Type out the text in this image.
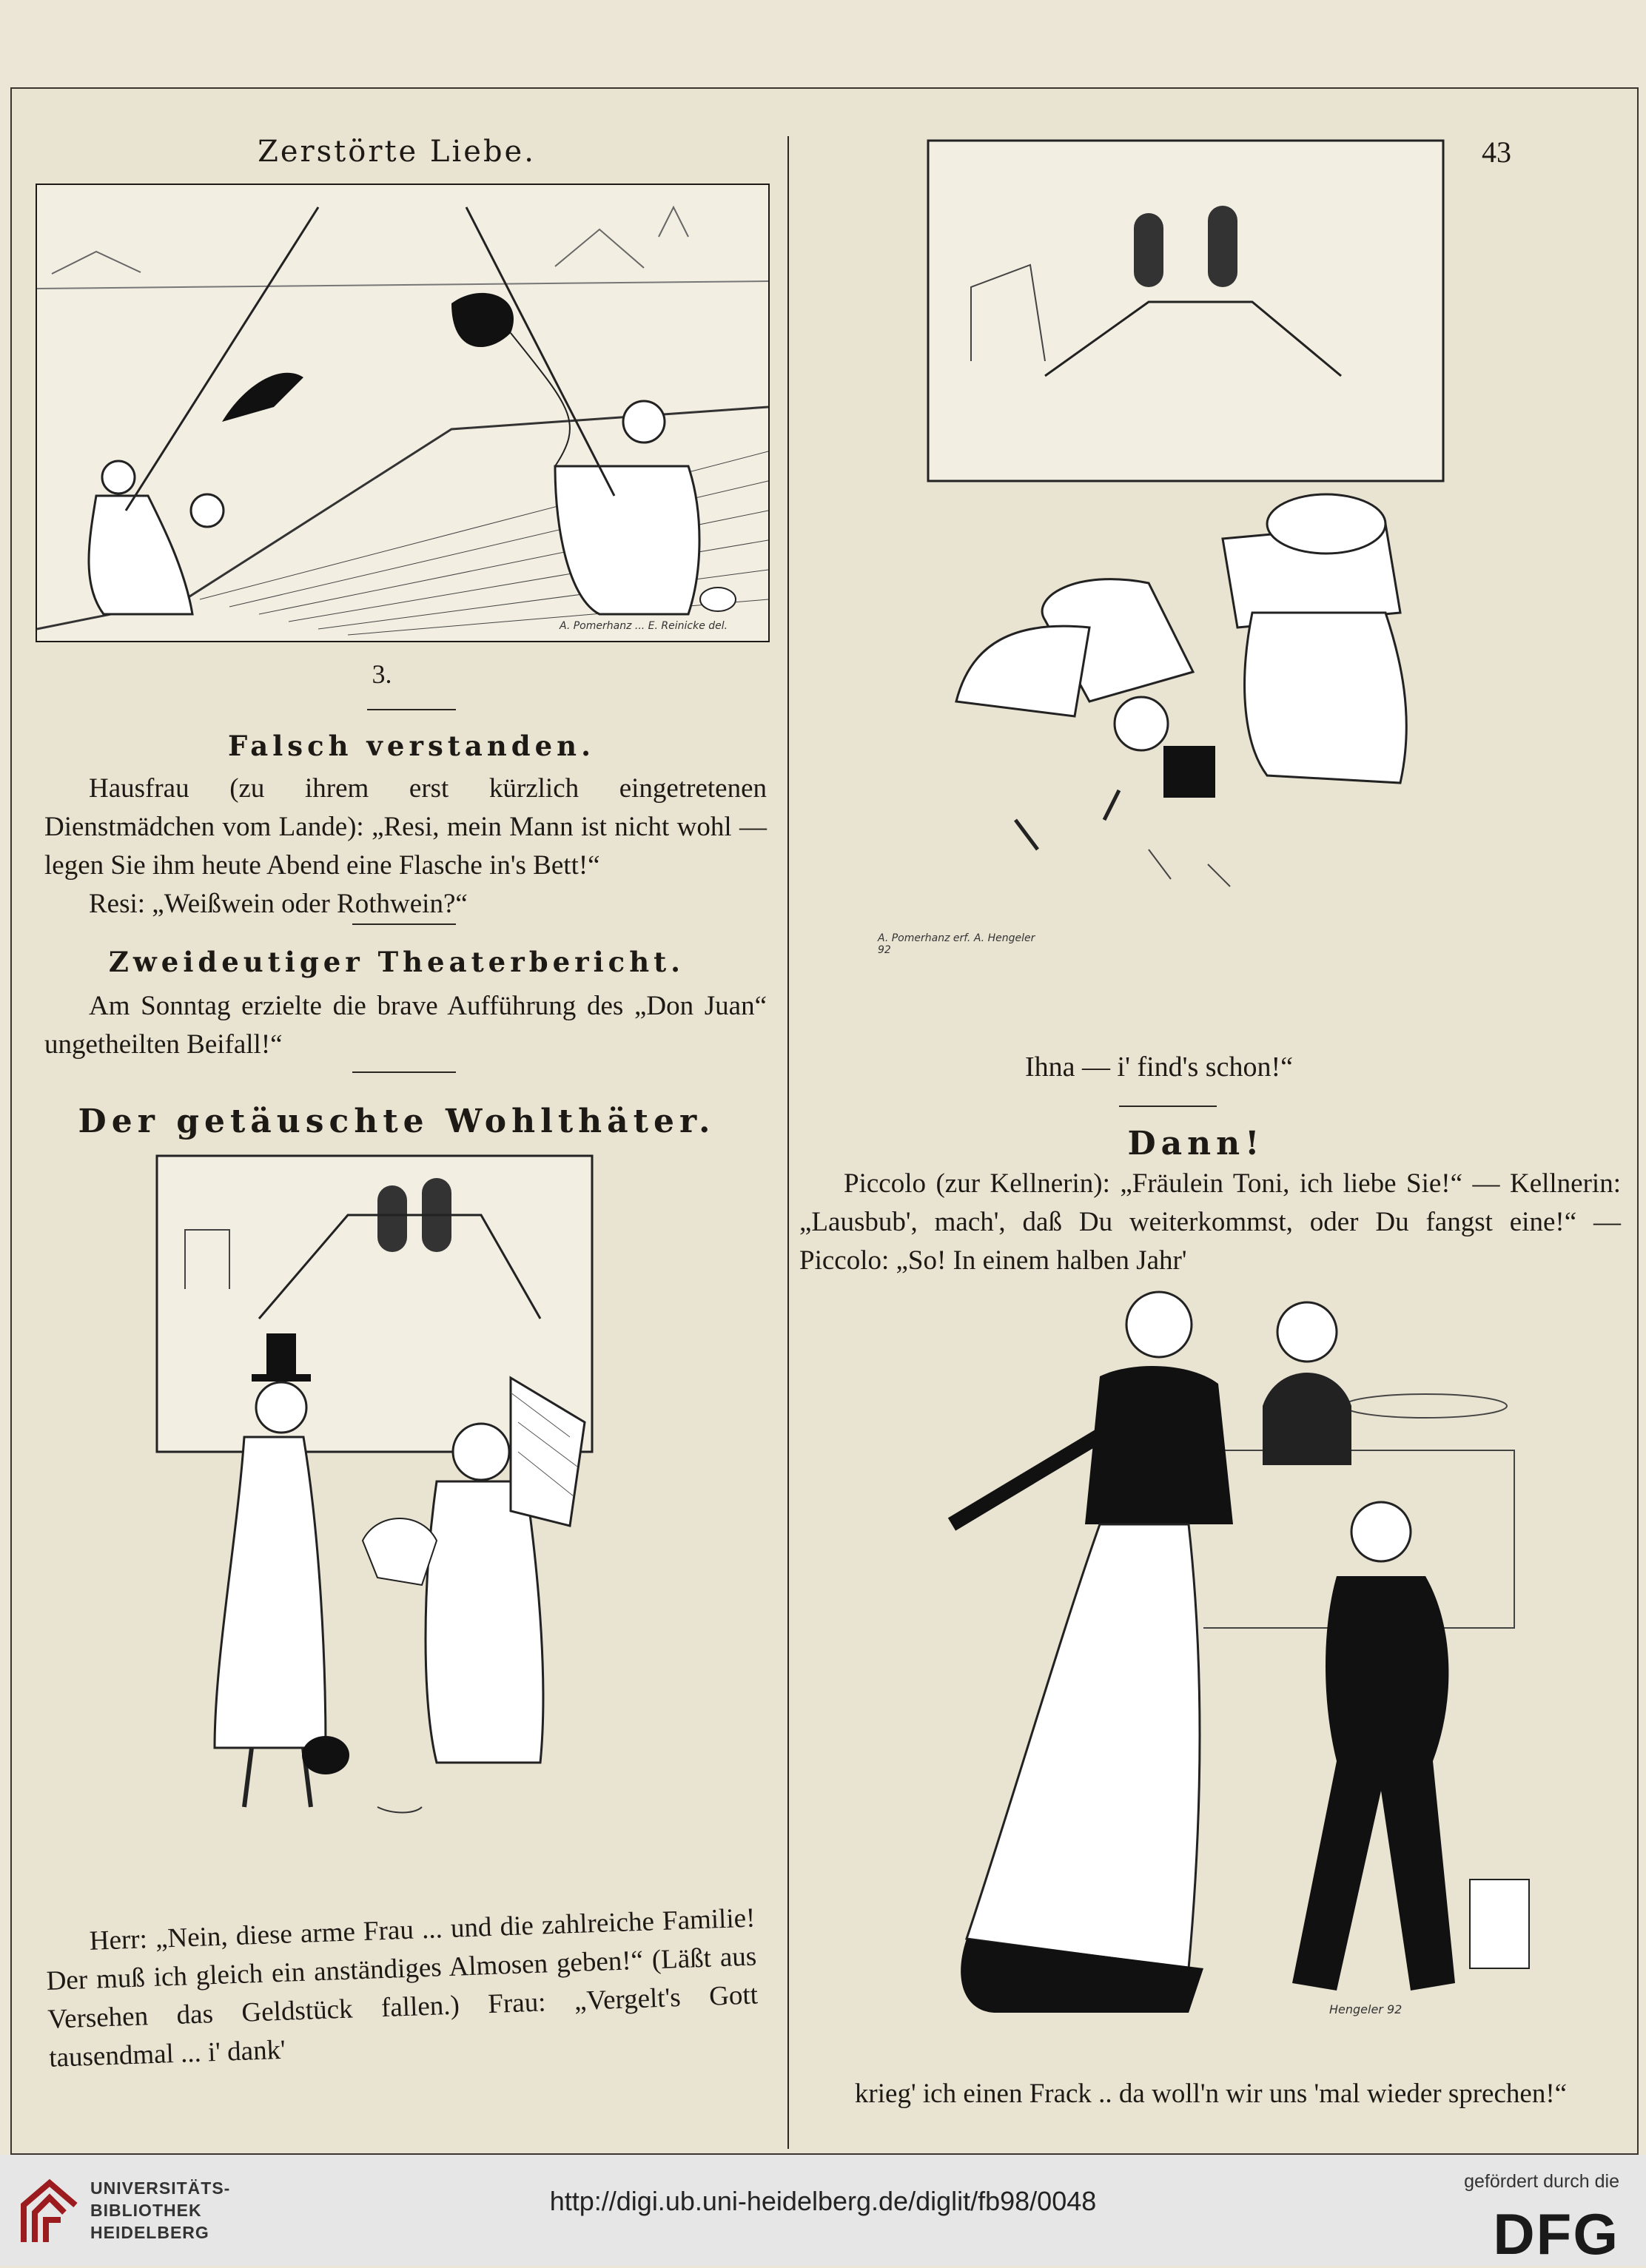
Zerstörte Liebe.
A. Pomerhanz ... E. Reinicke del.
3.
Falsch verstanden.

Hausfrau (zu ihrem erst kürzlich eingetretenen Dienstmädchen vom Lande): „Resi, mein Mann ist nicht wohl — legen Sie ihm heute Abend eine Flasche in's Bett!“

Resi: „Weißwein oder Rothwein?“

Zweideutiger Theaterbericht.

Am Sonntag erzielte die brave Aufführung des „Don Juan“ ungetheilten Beifall!“

Der getäuschte Wohlthäter.

Herr: „Nein, diese arme Frau ... und die zahlreiche Familie! Der muß ich gleich ein anständiges Almosen geben!“ (Läßt aus Versehen das Geldstück fallen.) Frau: „Vergelt's Gott tausendmal ... i' dank'

43
A. Pomerhanz erf. A. Hengeler 92
Ihna — i' find's schon!“
Dann!

Piccolo (zur Kellnerin): „Fräulein Toni, ich liebe Sie!“ — Kellnerin: „Lausbub', mach', daß Du weiterkommst, oder Du fangst eine!“ — Piccolo: „So! In einem halben Jahr'

Hengeler 92
krieg' ich einen Frack .. da woll'n wir uns 'mal wieder sprechen!“
UNIVERSITÄTS-
BIBLIOTHEK
HEIDELBERG
http://digi.ub.uni-heidelberg.de/diglit/fb98/0048
gefördert durch die
DFG
